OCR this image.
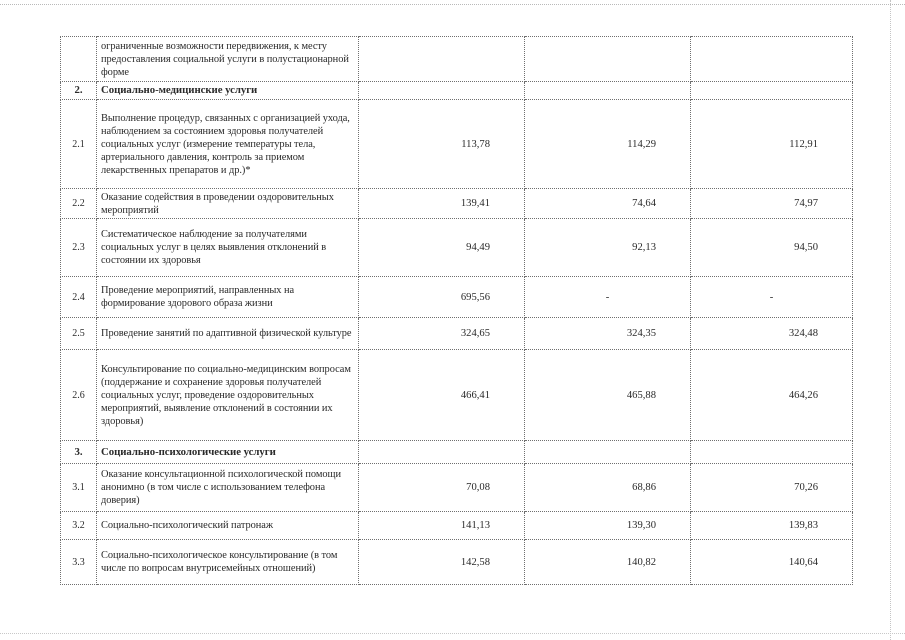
	ограниченные возможности передвижения, к месту предоставления социальной услуги в полустационарной форме			
2.	Социально-медицинские услуги			
2.1	Выполнение процедур, связанных с организацией ухода, наблюдением за состоянием здоровья получателей социальных услуг (измерение температуры тела, артериального давления, контроль за приемом лекарственных препаратов и др.)*	113,78	114,29	112,91
2.2	Оказание содействия в проведении оздоровительных мероприятий	139,41	74,64	74,97
2.3	Систематическое наблюдение за получателями социальных услуг в целях выявления отклонений в состоянии их здоровья	94,49	92,13	94,50
2.4	Проведение мероприятий, направленных на формирование здорового образа жизни	695,56	-	-
2.5	Проведение занятий по адаптивной физической культуре	324,65	324,35	324,48
2.6	Консультирование по социально-медицинским вопросам (поддержание и сохранение здоровья получателей социальных услуг, проведение оздоровительных мероприятий, выявление отклонений в состоянии их здоровья)	466,41	465,88	464,26
3.	Социально-психологические услуги			
3.1	Оказание консультационной психологической помощи анонимно (в том числе с использованием телефона доверия)	70,08	68,86	70,26
3.2	Социально-психологический патронаж	141,13	139,30	139,83
3.3	Социально-психологическое консультирование (в том числе по вопросам внутрисемейных отношений)	142,58	140,82	140,64
